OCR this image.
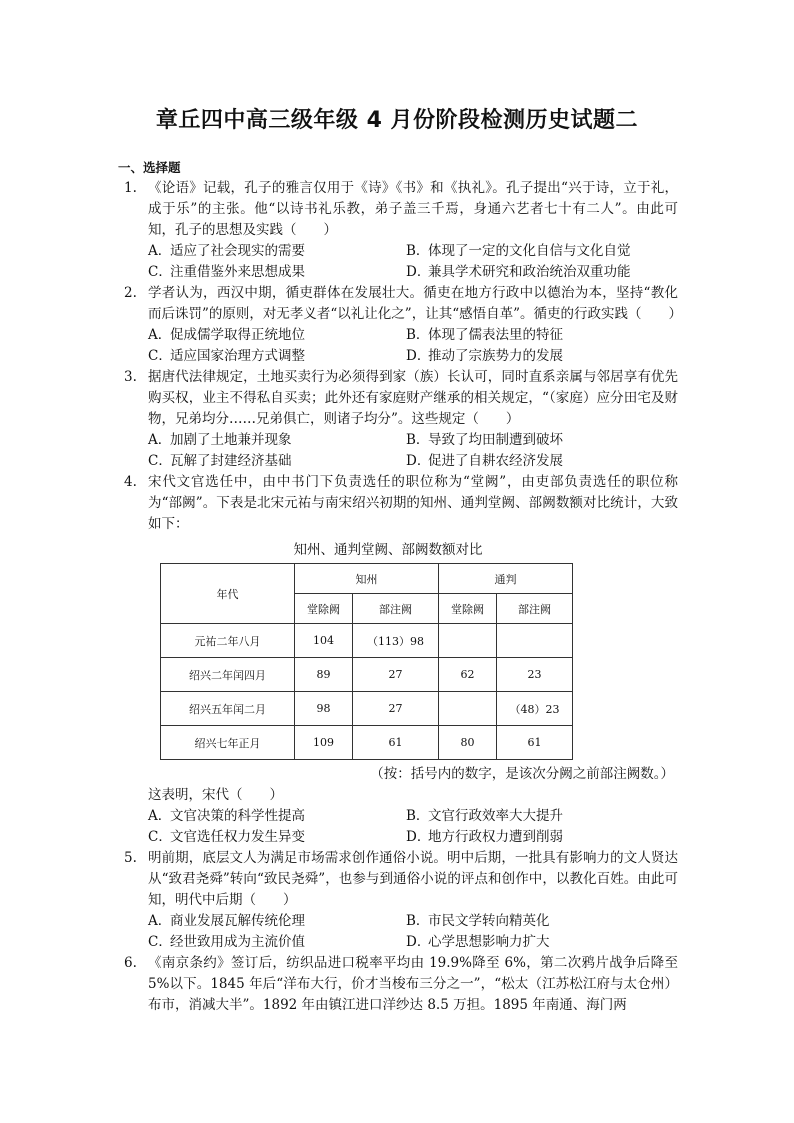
章丘四中高三级年级 4 月份阶段检测历史试题二
一、选择题
1. 《论语》记载，孔子的雅言仅用于《诗》《书》和《执礼》。孔子提出“兴于诗，立于礼，成于乐”的主张。他“以诗书礼乐教，弟子盖三千焉，身通六艺者七十有二人”。由此可知，孔子的思想及实践（　　）
A．
适应了社会现实的需要	B．
体现了一定的文化自信与文化自觉
C．
注重借鉴外来思想成果	D．
兼具学术研究和政治统治双重功能
2. 学者认为，西汉中期，循吏群体在发展壮大。循吏在地方行政中以德治为本，坚持“教化而后诛罚”的原则，对无孝义者“以礼让化之”，让其“感悟自革”。循吏的行政实践（　　）
A．
促成儒学取得正统地位	B．
体现了儒表法里的特征
C．
适应国家治理方式调整	D．
推动了宗族势力的发展
3. 据唐代法律规定，土地买卖行为必须得到家（族）长认可，同时直系亲属与邻居享有优先购买权，业主不得私自买卖；此外还有家庭财产继承的相关规定，“（家庭）应分田宅及财物，兄弟均分……兄弟俱亡，则诸子均分”。这些规定（　　）
A．
加剧了土地兼并现象	B．
导致了均田制遭到破坏
C．
瓦解了封建经济基础	D．
促进了自耕农经济发展
4. 宋代文官选任中，由中书门下负责选任的职位称为“堂阙”，由吏部负责选任的职位称为“部阙”。下表是北宋元祐与南宋绍兴初期的知州、通判堂阙、部阙数额对比统计，大致如下：
知州、通判堂阙、部阙数额对比
年代	知州		通判	
	堂除阙	部注阙	堂除阙	部注阙
元祐二年八月	104	（113）98		
绍兴二年闰四月	89	27	62	23
绍兴五年闰二月	98	27		（48）23
绍兴七年正月	109	61	80	61
（按：括号内的数字，是该次分阙之前部注阙数。）
这表明，宋代（　　）
A．
文官决策的科学性提高	B．
文官行政效率大大提升
C．
文官选任权力发生异变	D．
地方行政权力遭到削弱
5. 明前期，底层文人为满足市场需求创作通俗小说。明中后期，一批具有影响力的文人贤达从“致君尧舜”转向“致民尧舜”，也参与到通俗小说的评点和创作中，以教化百姓。由此可知，明代中后期（　　）
A．
商业发展瓦解传统伦理	B．
市民文学转向精英化
C．
经世致用成为主流价值	D．
心学思想影响力扩大
6. 《南京条约》签订后，纺织品进口税率平均由 19.9%降至 6%，第二次鸦片战争后降至 5%以下。1845 年后“洋布大行，价才当梭布三分之一”，“松太（江苏松江府与太仓州）布市，消减大半”。1892 年由镇江进口洋纱达 8.5 万担。1895 年南通、海门两
